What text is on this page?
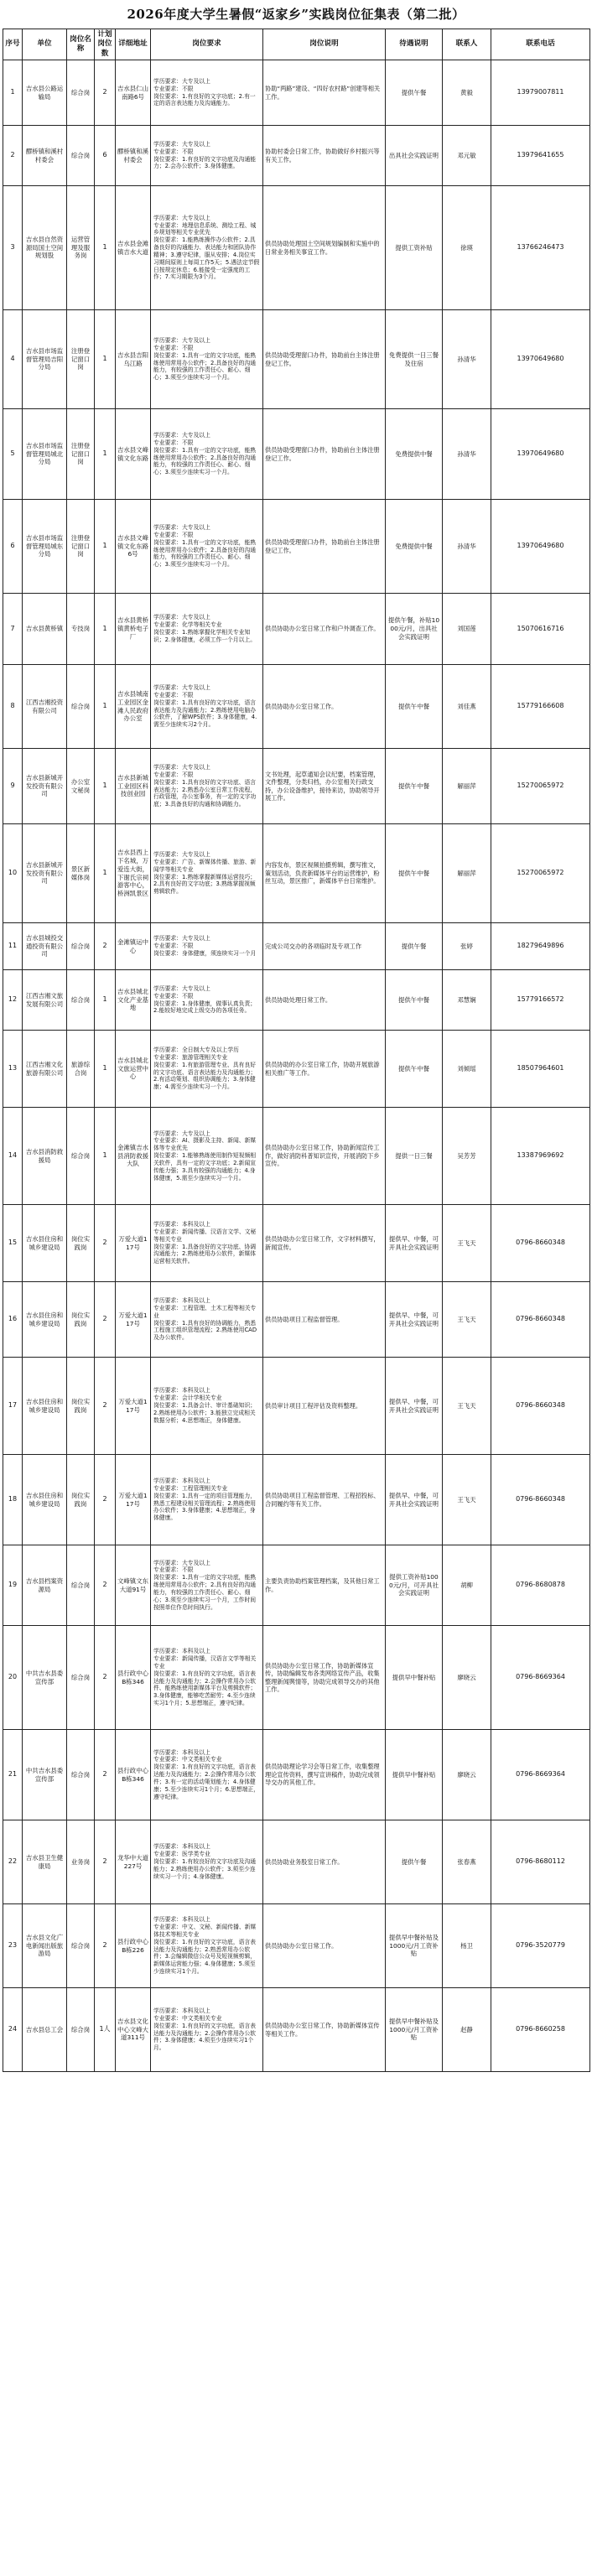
2026年度大学生暑假“返家乡”实践岗位征集表（第二批）
序号	单位	岗位名称	计划岗位数	详细地址	岗位要求	岗位说明	待遇说明	联系人	联系电话
1	吉水县公路运输局	综合岗	2	吉水县仁山南路6号	学历要求：大专及以上
专业要求：不限
岗位要求：1.有良好的文字功底；2.有一定的语言表达能力及沟通能力。	协助“两路”建设、“四好农村路”创建等相关工作。	提供午餐	黄毅	13979007811
2	醪桥镇和溪村村委会	综合岗	6	醪桥镇和溪村委会	学历要求：大专及以上
专业要求：不限
岗位要求：1.有良好的文字功底及沟通能力；2.会办公软件；3.身体健康。	协助村委会日常工作，协助做好乡村振兴等有关工作。	出具社会实践证明	邓元敏	13979641655
3	吉水县自然资源局国土空间规划股	运营管理及服务岗	1	吉水县金滩镇吉水大道	学历要求：大专及以上
专业要求：地理信息系统、测绘工程、城乡规划等相关专业优先
岗位要求：1.能熟练操作办公软件；2.具备良好的沟通能力、表达能力和团队协作精神；3.遵守纪律，服从安排；4.岗位实习期间原则上每周工作5天；5.遇法定节假日按规定休息；6.能接受一定强度的工作；7.实习期限为3个月。	供员协助处理国土空间规划编制和实施中的日常业务相关事宜工作。	提供工资补贴	徐瑛	13766246473
4	吉水县市场监督管理局吉阳分局	注册登记窗口岗	1	吉水县吉阳乌江路	学历要求：大专及以上
专业要求：不限
岗位要求：1.具有一定的文字功底，能熟练使用常用办公软件；2.具备良好的沟通能力，有较强的工作责任心、耐心、细心；3.须至少连续实习一个月。	供员协助受理窗口办件，协助前台主体注册登记工作。	免费提供一日三餐及住宿	孙清华	13970649680
5	吉水县市场监督管理局城北分局	注册登记窗口岗	1	吉水县文峰镇文化东路	学历要求：大专及以上
专业要求：不限
岗位要求：1.具有一定的文字功底，能熟练使用常用办公软件；2.具备良好的沟通能力，有较强的工作责任心、耐心、细心；3.须至少连续实习一个月。	供员协助受理窗口办件，协助前台主体注册登记工作。	免费提供中餐	孙清华	13970649680
6	吉水县市场监督管理局城东分局	注册登记窗口岗	1	吉水县文峰镇文化东路6号	学历要求：大专及以上
专业要求：不限
岗位要求：1.具有一定的文字功底，能熟练使用常用办公软件；2.具备良好的沟通能力，有较强的工作责任心、耐心、细心；3.须至少连续实习一个月。	供员协助受理窗口办件，协助前台主体注册登记工作。	免费提供中餐	孙清华	13970649680
7	吉水县黄桥镇	专技岗	1	吉水县黄桥镇黄桥电子厂	学历要求：大专及以上
专业要求：化学等相关专业
岗位要求：1.熟练掌握化学相关专业知识；2.身体健康，必须工作一个月以上。	供员协助办公室日常工作和户外调查工作。	提供午餐，补贴1000元/月，出具社会实践证明	刘国莲	15070616716
8	江西吉湘投资有限公司	综合岗	1	吉水县城南工业园区金滩人民政府办公室	学历要求：大专及以上
专业要求：不限
岗位要求：1.具有良好的文字功底，语言表达能力及沟通能力；2.熟练使用电脑办公软件，了解WPS软件；3.身体健康，4.需至少连续实习2个月。	供员协助办公室日常工作。	提供午中餐	刘佳燕	15779166608
9	吉水县新城开发投资有限公司	办公室文秘岗	1	吉水县新城工业园区科技创业园	学历要求：大专及以上
专业要求：不限
岗位要求：1.具有良好的文字功底、语言表达能力；2.熟悉办公室日常工作流程，行政管理，办公室事务，有一定的文字功底；3.具备良好的沟通和协调能力。	文书处理，起草通知会议纪要，档案管理，文件整理，分类归档，办公室相关行政支持，办公设备维护，接待来访，协助领导开展工作。	提供午中餐	解丽萍	15270065972
10	吉水县新城开发投资有限公司	景区新媒体岗	1	吉水县西上下名城，万爱连大街，下谢氏宗祠游客中心，桥洲凯景区	学历要求：大专及以上
专业要求：广告、新媒体传播、旅游、新闻学等相关专业
岗位要求：1.熟练掌握新媒体运营技巧；2.具有良好的文字功底；3.熟练掌握视频剪辑软件。	内容发布，景区视频拍摄剪辑，撰写推文，策划活动，负责新媒体平台的运营维护，粉丝互动，景区推广，新媒体平台日常维护。	提供午中餐	解丽萍	15270065972
11	吉水县城投交通投资有限公司	综合岗	2	金滩镇运中心	学历要求：大专及以上
专业要求：不限
岗位要求：身体健康，须连续实习一个月	完成公司交办的各项临时及专项工作	提供午餐	张婷	18279649896
12	江西吉湘文旅发展有限公司	综合岗	1	吉水县城北文化产业基地	学历要求：大专及以上
专业要求：不限
岗位要求：1.身体健康，做事认真负责；2.能较好地完成上级交办的各项任务。	供员协助处理日常工作。	提供午中餐	邓慧娴	15779166572
13	江西吉湘文化旅游有限公司	旅游综合岗	1	吉水县城北文旅运营中心	学历要求：全日制大专及以上学历
专业要求：旅游管理相关专业
岗位要求：1.有旅游管理专业、具有良好的文字功底、语言表达能力及沟通能力；2.有活动策划、组织协调能力；3.身体健康；4.需至少连续实习一个月。	供员协助的办公室日常工作，协助开展旅游相关推广等工作。	提供午中餐	刘倾瑶	18507964601
14	吉水县消防救援局	综合岗	1	金滩镇吉水县消防救援大队	学历要求：大专及以上
专业要求：AI、摄影及主持、新闻、新媒体等专业优先
岗位要求：1.能够熟练使用制作短视频相关软件，具有一定的文字功底；2.新闻宣传能力强；3.具有较强的沟通能力；4.身体健康，5.需至少连续实习一个月。	供员协助办公室日常工作，协助新闻宣传工作，做好消防科普知识宣传，开展消防下乡宣传。	提供一日三餐	吴芳芳	13387969692
15	吉水县住房和城乡建设局	岗位实践岗	2	万爱大道117号	学历要求：本科及以上
专业要求：新闻传播、汉语言文学、文秘等相关专业
岗位要求：1.具备良好的文字功底、协调沟通能力；2.熟练使用办公软件，新媒体运营相关软件。	供员协助办公室日常工作，文字材料撰写，新闻宣传。	提供早、中餐，可开具社会实践证明	王飞天	0796-8660348
16	吉水县住房和城乡建设局	岗位实践岗	2	万爱大道117号	学历要求：本科及以上
专业要求：工程管理、土木工程等相关专业
岗位要求：1.具有良好的协调能力，熟悉工程施工组织管理流程；2.熟练使用CAD及办公软件。	供员协助项目工程监督管理。	提供早、中餐，可开具社会实践证明	王飞天	0796-8660348
17	吉水县住房和城乡建设局	岗位实践岗	2	万爱大道117号	学历要求：本科及以上
专业要求：会计学相关专业
岗位要求：1.具备会计、审计基础知识；2.熟练使用办公软件；3.能独立完成相关数据分析；4.思想端正，身体健康。	供员审计项目工程评估及资料整理。	提供早、中餐，可开具社会实践证明	王飞天	0796-8660348
18	吉水县住房和城乡建设局	岗位实践岗	2	万爱大道117号	学历要求：本科及以上
专业要求：工程管理相关专业
岗位要求：1.具有一定的项目管理能力，熟悉工程建设相关管理流程；2.熟练使用办公软件；3.身体健康；4.思想端正，身体健康。	供员协助项目工程监督管理、工程招投标、合同履约等有关工作。	提供早、中餐，可开具社会实践证明	王飞天	0796-8660348
19	吉水县档案资源局	综合岗	2	文峰镇文东大道91号	学历要求：大专及以上
专业要求：不限
岗位要求：1.具有一定的文字功底，能熟练使用常用办公软件；2.具有良好的沟通能力，有较强的工作责任心、耐心、细心；3.须至少连续实习一个月，工作时间按照单位作息时间执行。	主要负责协助档案管理档案，及其他日常工作。	提供工资补贴1000元/月，可开具社会实践证明	胡柳	0796-8680878
20	中共吉水县委宣传部	综合岗	2	县行政中心B栋346	学历要求：本科及以上
专业要求：新闻传播，汉语言文学等相关专业
岗位要求：1.有良好的文字功底，语言表达能力及沟通能力；2.会操作常用办公软件、能熟练使用新媒体平台及剪辑软件；3.身体健康，能够吃苦耐劳；4.至少连续实习1个月；5.思想端正，遵守纪律。	供员协助办公室日常工作，协助新媒体宣传，协助编辑发布各类网络宣传产品，收集整理新闻舆情等，协助完成领导交办的其他工作。	提供早中餐补贴	廖晓云	0796-8669364
21	中共吉水县委宣传部	综合岗	2	县行政中心B栋346	学历要求：本科及以上
专业要求：中文类相关专业
岗位要求：1.有良好的文字功底，语言表达能力及沟通能力；2.会操作常用办公软件；3.有一定的活动策划能力；4.身体健康；5.至少连续实习1个月；6.思想端正，遵守纪律。	供员协助理论学习会等日常工作，收集整理理论宣传资料，撰写宣讲稿件，协助完成领导交办的其他工作。	提供早中餐补贴	廖晓云	0796-8669364
22	吉水县卫生健康局	业务岗	2	龙华中大道227号	学历要求：本科及以上
专业要求：医学类专业
岗位要求：1.有较良好的文字功底及沟通能力；2.熟练使用办公软件；3.须至少连续实习一个月；4.身体健康。	供员协助业务股室日常工作。	提供午餐	张春燕	0796-8680112
23	吉水县文化广电新闻出版旅游局	综合岗	2	县行政中心B栋226	学历要求：本科及以上
专业要求：中文、文秘、新闻传播、新媒体技术等相关专业
岗位要求：1.有良好的文字功底，语言表达能力及沟通能力；2.熟悉常用办公软件；3.会编辑微信公众号及短视频剪辑，新媒体运营能力强；4.身体健康；5.须至少连续实习1个月。	供员协助办公室日常工作。	提供早中餐补贴及1000元/月工资补贴	杨卫	0796-3520779
24	吉水县总工会	综合岗	1人	吉水县文化中心文峰大道311号	学历要求：本科及以上
专业要求：中文类相关专业
岗位要求：1.有良好的文字功底，语言表达能力及沟通能力；2.会操作常用办公软件；3.身体健康；4.须至少连续实习1个月。	供员协助办公室日常工作，协助新媒体宣传等相关工作。	提供早中餐补贴及1000元/月工资补贴	赵静	0796-8660258
